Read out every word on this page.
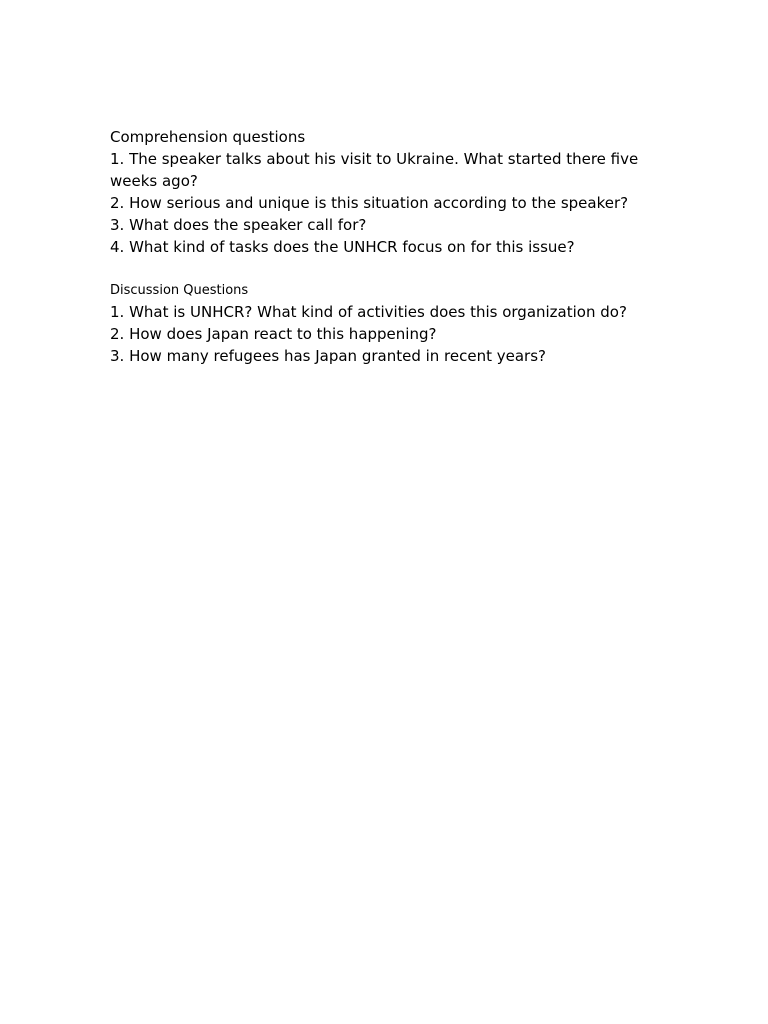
Comprehension questions
1. The speaker talks about his visit to Ukraine. What started there five weeks ago?
2. How serious and unique is this situation according to the speaker?
3. What does the speaker call for?
4. What kind of tasks does the UNHCR focus on for this issue?
Discussion Questions
1. What is UNHCR? What kind of activities does this organization do?
2. How does Japan react to this happening?
3. How many refugees has Japan granted in recent years?
